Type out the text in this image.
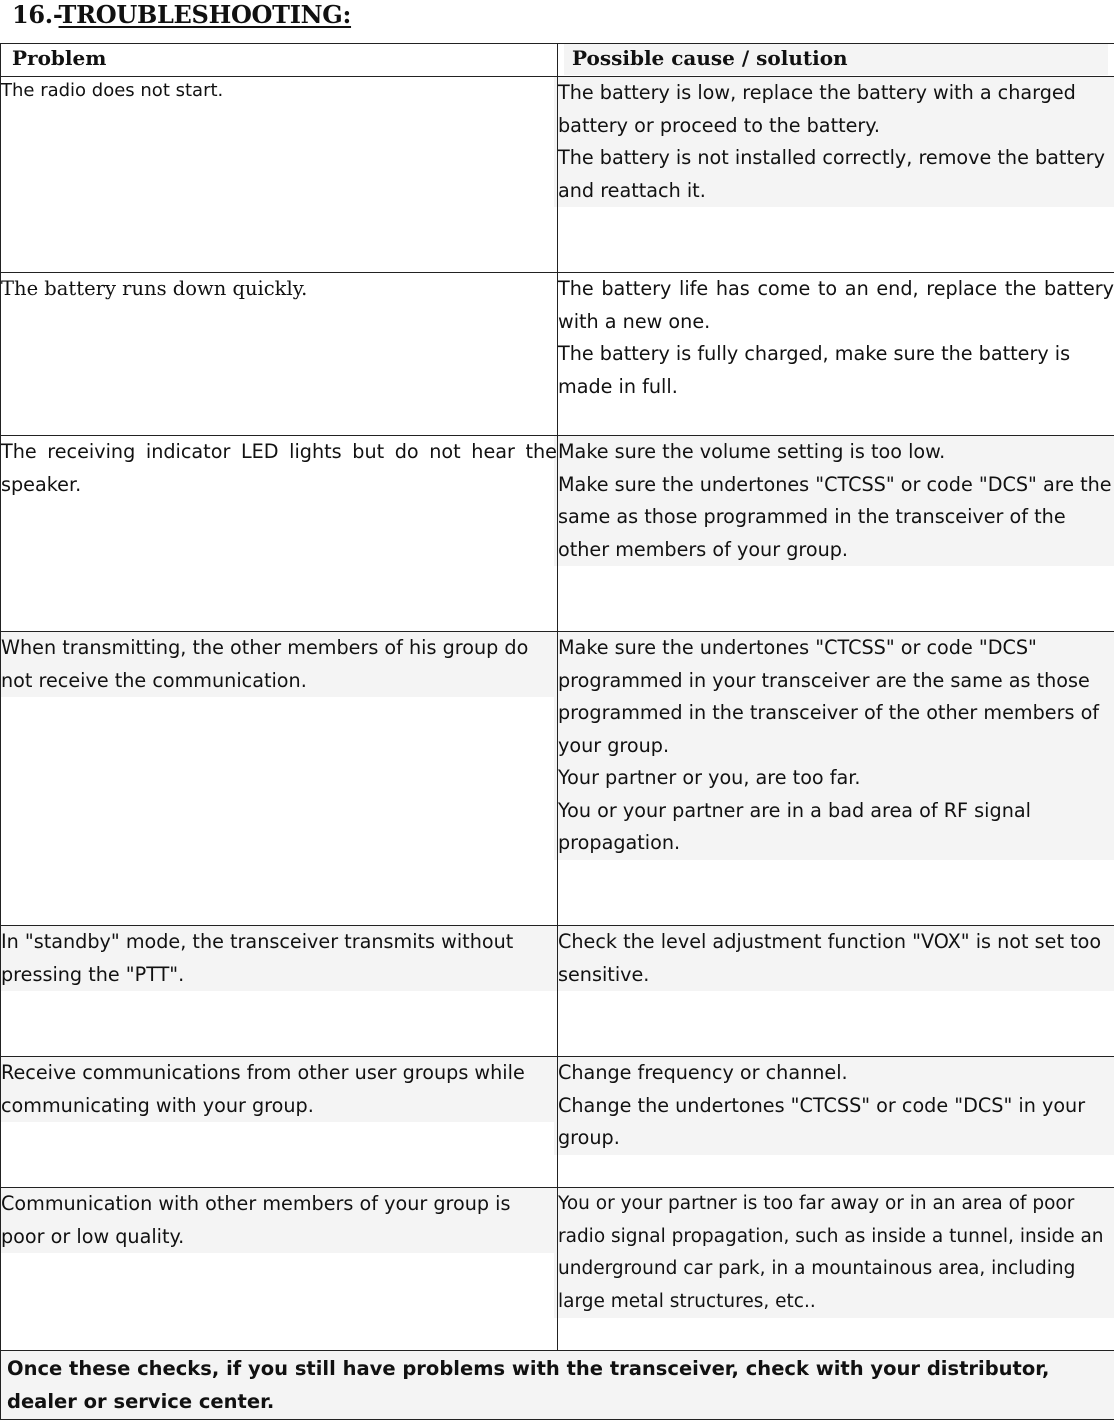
16.-TROUBLESHOOTING:
Problem	Possible cause / solution

The radio does not start.	The battery is low, replace the battery with a charged battery or proceed to the battery.
The battery is not installed correctly, remove the battery and reattach it.

The battery runs down quickly.	The battery life has come to an end, replace the battery with a new one.
The battery is fully charged, make sure the battery is made in full.

The receiving indicator LED lights but do not hear the speaker.	Make sure the volume setting is too low.
Make sure the undertones "CTCSS" or code "DCS" are the same as those programmed in the transceiver of the other members of your group.

When transmitting, the other members of his group do not receive the communication.	Make sure the undertones "CTCSS" or code "DCS" programmed in your transceiver are the same as those programmed in the transceiver of the other members of your group.
Your partner or you, are too far.
You or your partner are in a bad area of RF signal propagation.

In "standby" mode, the transceiver transmits without pressing the "PTT".	Check the level adjustment function "VOX" is not set too sensitive.

Receive communications from other user groups while communicating with your group.	Change frequency or channel.
Change the undertones "CTCSS" or code "DCS" in your group.

Communication with other members of your group is poor or low quality.	You or your partner is too far away or in an area of poor radio signal propagation, such as inside a tunnel, inside an underground car park, in a mountainous area, including large metal structures, etc..

Once these checks, if you still have problems with the transceiver, check with your distributor, dealer or service center.	
